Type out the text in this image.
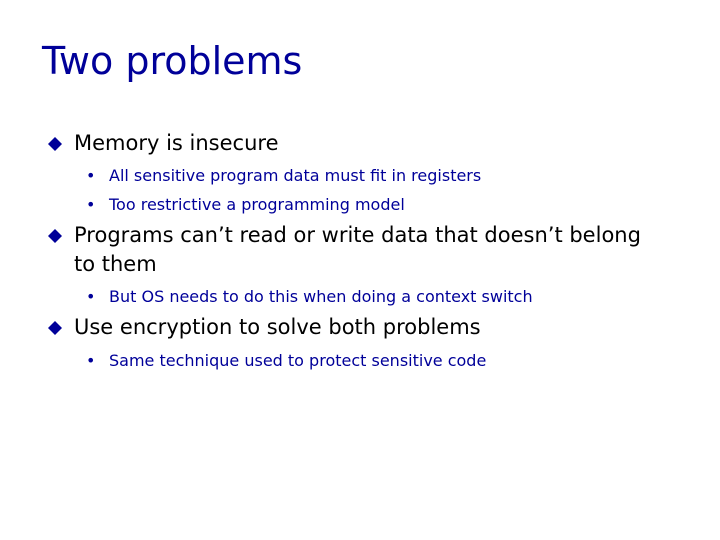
Two problems
Memory is insecure
• All sensitive program data must fit in registers
• Too restrictive a programming model
Programs can’t read or write data that doesn’t belong to them
• But OS needs to do this when doing a context switch
Use encryption to solve both problems
• Same technique used to protect sensitive code
